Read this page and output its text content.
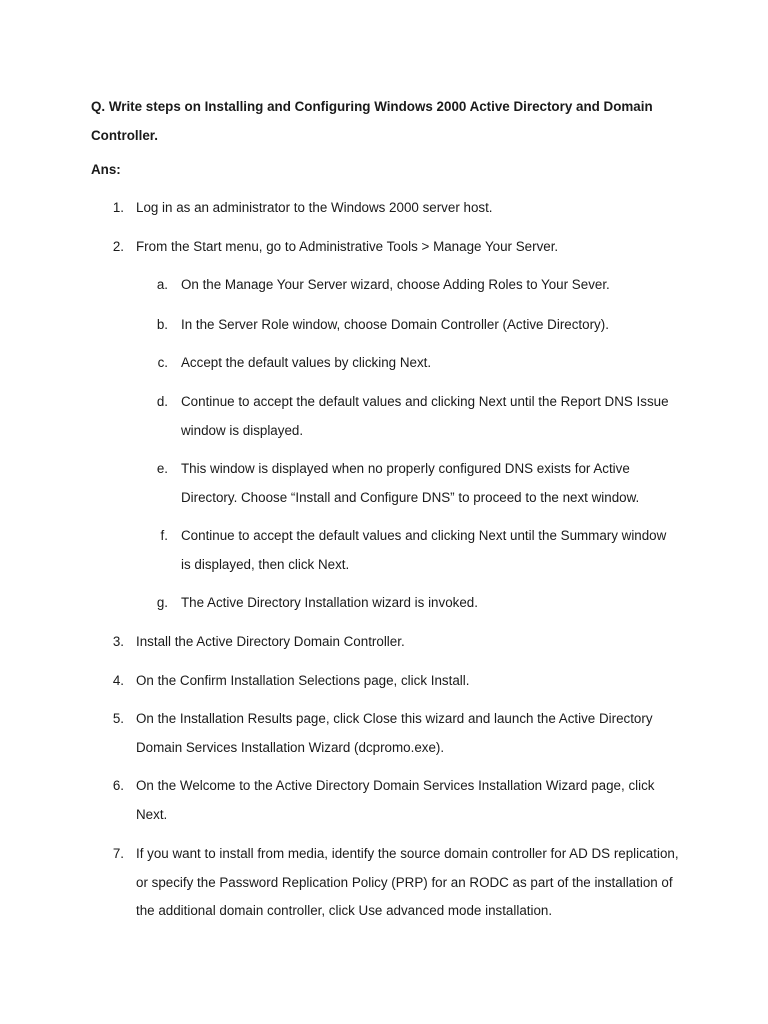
Q. Write steps on Installing and Configuring Windows 2000 Active Directory and Domain Controller.
Ans:
1. Log in as an administrator to the Windows 2000 server host.
2. From the Start menu, go to Administrative Tools > Manage Your Server.
a. On the Manage Your Server wizard, choose Adding Roles to Your Sever.
b. In the Server Role window, choose Domain Controller (Active Directory).
c. Accept the default values by clicking Next.
d. Continue to accept the default values and clicking Next until the Report DNS Issue window is displayed.
e. This window is displayed when no properly configured DNS exists for Active Directory. Choose “Install and Configure DNS” to proceed to the next window.
f. Continue to accept the default values and clicking Next until the Summary window is displayed, then click Next.
g. The Active Directory Installation wizard is invoked.
3. Install the Active Directory Domain Controller.
4. On the Confirm Installation Selections page, click Install.
5. On the Installation Results page, click Close this wizard and launch the Active Directory Domain Services Installation Wizard (dcpromo.exe).
6. On the Welcome to the Active Directory Domain Services Installation Wizard page, click Next.
7. If you want to install from media, identify the source domain controller for AD DS replication, or specify the Password Replication Policy (PRP) for an RODC as part of the installation of the additional domain controller, click Use advanced mode installation.
